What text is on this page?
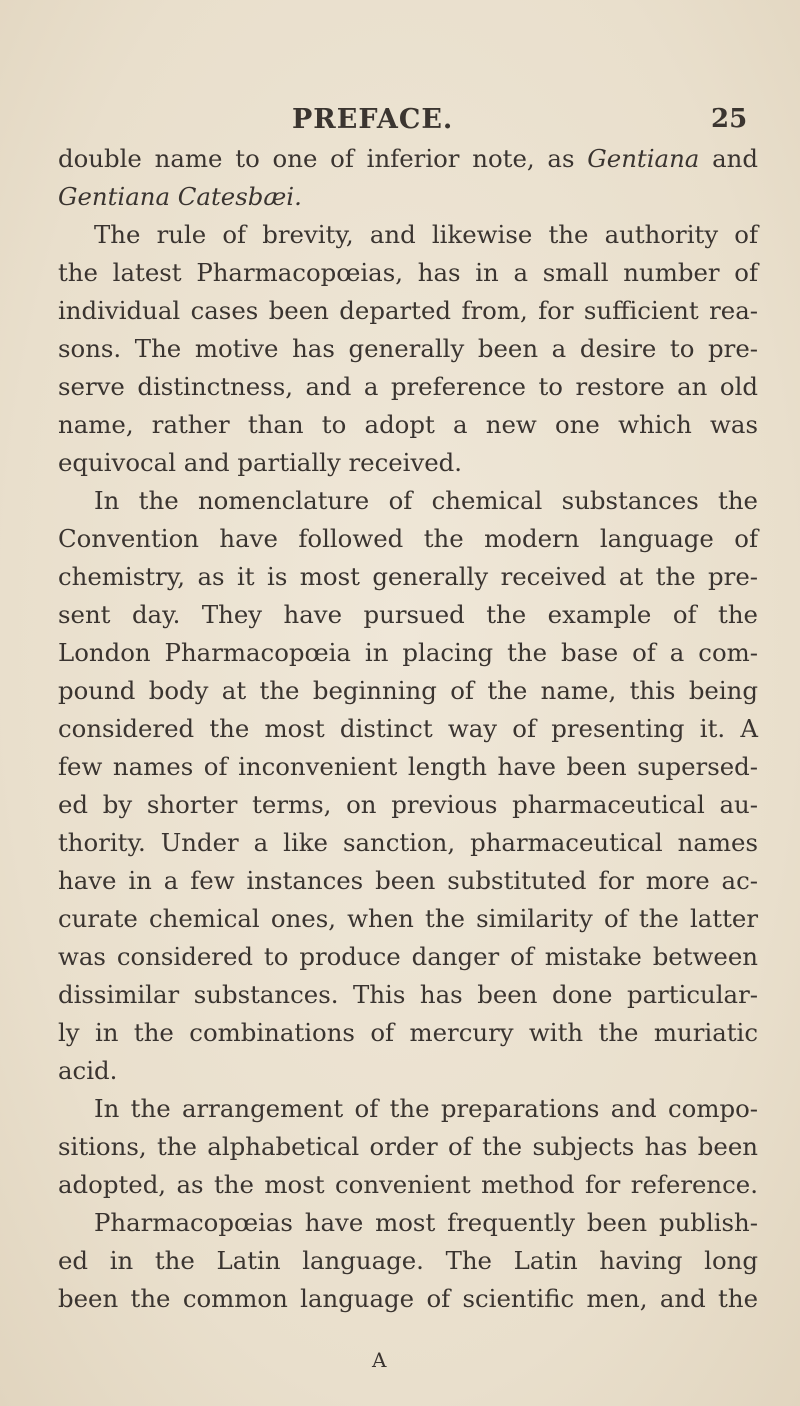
PREFACE.	25
double name to one of inferior note, as Gentiana and
Gentiana Catesbæi.
The rule of brevity, and likewise the authority of
the latest Pharmacopœias, has in a small number of
individual cases been departed from, for sufficient rea-
sons. The motive has generally been a desire to pre-
serve distinctness, and a preference to restore an old
name, rather than to adopt a new one which was
equivocal and partially received.
In the nomenclature of chemical substances the
Convention have followed the modern language of
chemistry, as it is most generally received at the pre-
sent day. They have pursued the example of the
London Pharmacopœia in placing the base of a com-
pound body at the beginning of the name, this being
considered the most distinct way of presenting it. A
few names of inconvenient length have been supersed-
ed by shorter terms, on previous pharmaceutical au-
thority. Under a like sanction, pharmaceutical names
have in a few instances been substituted for more ac-
curate chemical ones, when the similarity of the latter
was considered to produce danger of mistake between
dissimilar substances. This has been done particular-
ly in the combinations of mercury with the muriatic
acid.
In the arrangement of the preparations and compo-
sitions, the alphabetical order of the subjects has been
adopted, as the most convenient method for reference.
Pharmacopœias have most frequently been publish-
ed in the Latin language. The Latin having long
been the common language of scientific men, and the
A
